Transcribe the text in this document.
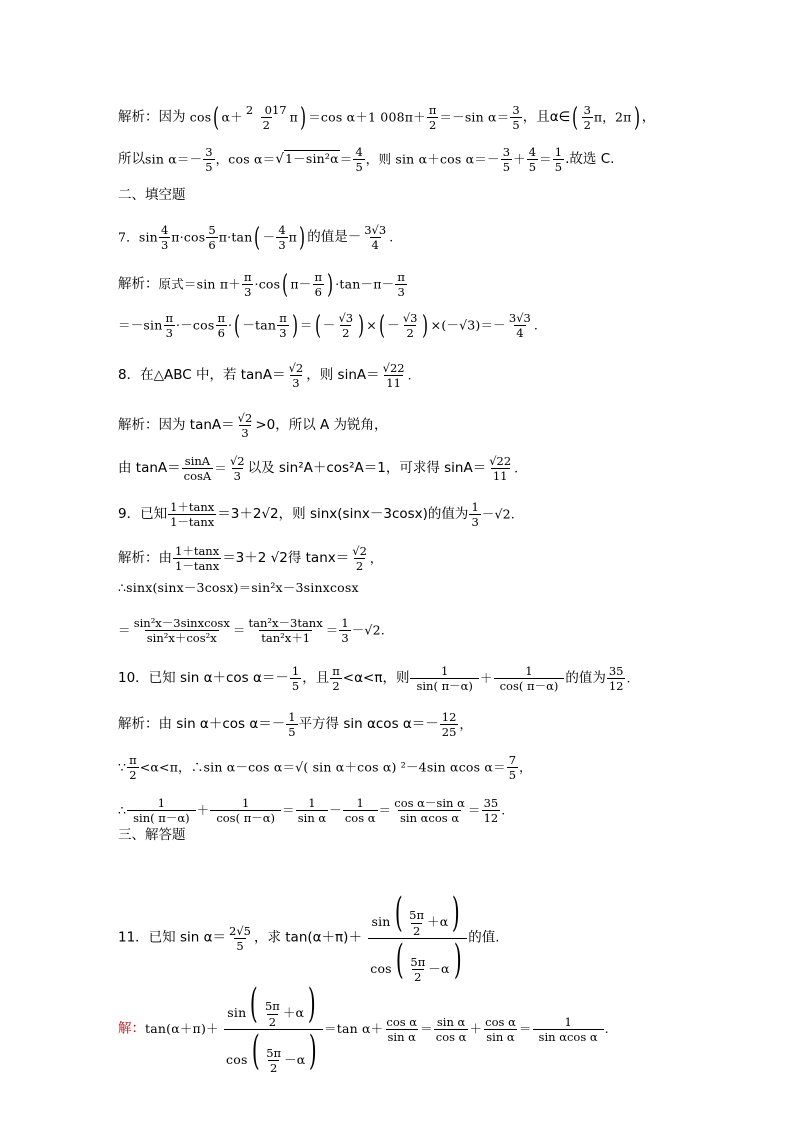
解析：因为 cos( $\alpha+ \frac{2 017}{2} \pi) =\cos$ α＋1 $008\pi+ \frac{\pi}{2} =-\sin$ $\alpha= \frac{3}{5}$ ，且α∈( $\frac{3}{2}$ π，2π) ，
所以$\sin \alpha=- \frac{3}{5}$ ，$\cos \alpha=√1-\sin^2\alpha= \frac{4}{5}$ ，则 sin α＋cos $\alpha=- \frac{3}{5} + \frac{4}{5} = \frac{1}{5}$ .故选 C.
二、填空题
7．$\sin \frac{4}{3} \pi\cdot\cos \frac{5}{6} \pi\cdot\tan( - \frac{4}{3} \pi)$ 的值是－ $\frac{3√3}{4}$ .
解析：原式＝sin $\pi+ \frac{\pi}{3} \cdot\cos$( $\pi- \frac{\pi}{6}$ ) $\cdot\tan-\pi- \frac{\pi}{3}$
$=-\sin \frac{\pi}{3} \cdot-\cos \frac{\pi}{6}$ ·( $-\tan \frac{\pi}{3}$ ) ＝( － $\frac{√3}{2}$ ) ×( － $\frac{√3}{2}$ ) $\times(-√3)=- \frac{3√3}{4}$ .
8．在△ABC 中，若 $\tan A= \frac{√2}{3}$ ，则 $\sin A= \frac{√22}{11}$ .
解析：因为 $\tan A= \frac{√2}{3} >0$，所以 A 为锐角，
由 $\tan A= \frac{\sin A}{\cos A} = \frac{√2}{3}$ 以及 sin²A＋cos²A＝1，可求得 $\sin A= \frac{√22}{11}$ .
9．已知 $\frac{1+\tan x}{1-\tan x} =3+2√2$，则 sinx(sinx－3cosx)的值为 $\frac{1}{3} -√2$.
解析：由 $\frac{1+\tan x}{1-\tan x} =3+2$ √2得 $\tan x= \frac{√2}{2}$ ，
∴sinx(sinx－3cosx)＝sin²x－3sinxcosx
＝ $\frac{\text{sin²x－3sinxcosx}}{\text{sin²x＋cos²x}} = \frac{\text{tan²x－3tanx}}{\text{tan²x＋1}} = \frac{1}{3} -√2$.
10．已知 sin α＋cos $\alpha=- \frac{1}{5}$ ，且 $\frac{\pi}{2} <\alpha<\pi$，则 $\frac{1}{\sin( \pi-\alpha)} + \frac{1}{\cos( \pi-\alpha)}$ 的值为 $\frac{35}{12}$ .
解析：由 sin α＋cos $\alpha=- \frac{1}{5}$ 平方得 sin αcos $\alpha=- \frac{12}{25}$ ，
∵ $\frac{\pi}{2} <\alpha<\pi$，∴sin α－cos α＝√( sin α＋cos α) ²－4sin αcos $\alpha= \frac{7}{5}$ ，
∴ $\frac{1}{\sin( \pi-\alpha)} + \frac{1}{\cos( \pi-\alpha)} = \frac{1}{\text{sin α}} - \frac{1}{\text{cos α}} = \frac{\text{cos α－sin α}}{\text{sin αcos α}} = \frac{35}{12}$ .
三、解答题
11．已知 $\sin \alpha= \frac{2√5}{5}$ ，求 $\tan(\alpha+\pi)+ \frac{\sin( \frac{5\pi}{2} +\alpha)}{\cos( \frac{5\pi}{2} -\alpha)}$ 的值.
解：$\tan(\alpha+\pi)+ \frac{\sin( \frac{5\pi}{2} +\alpha)}{\cos( \frac{5\pi}{2} -\alpha)} =\tan$ $\alpha+ \frac{\text{cos α}}{\text{sin α}} = \frac{\text{sin α}}{\text{cos α}} + \frac{\text{cos α}}{\text{sin α}} = \frac{1}{\text{sin αcos α}}$ .
